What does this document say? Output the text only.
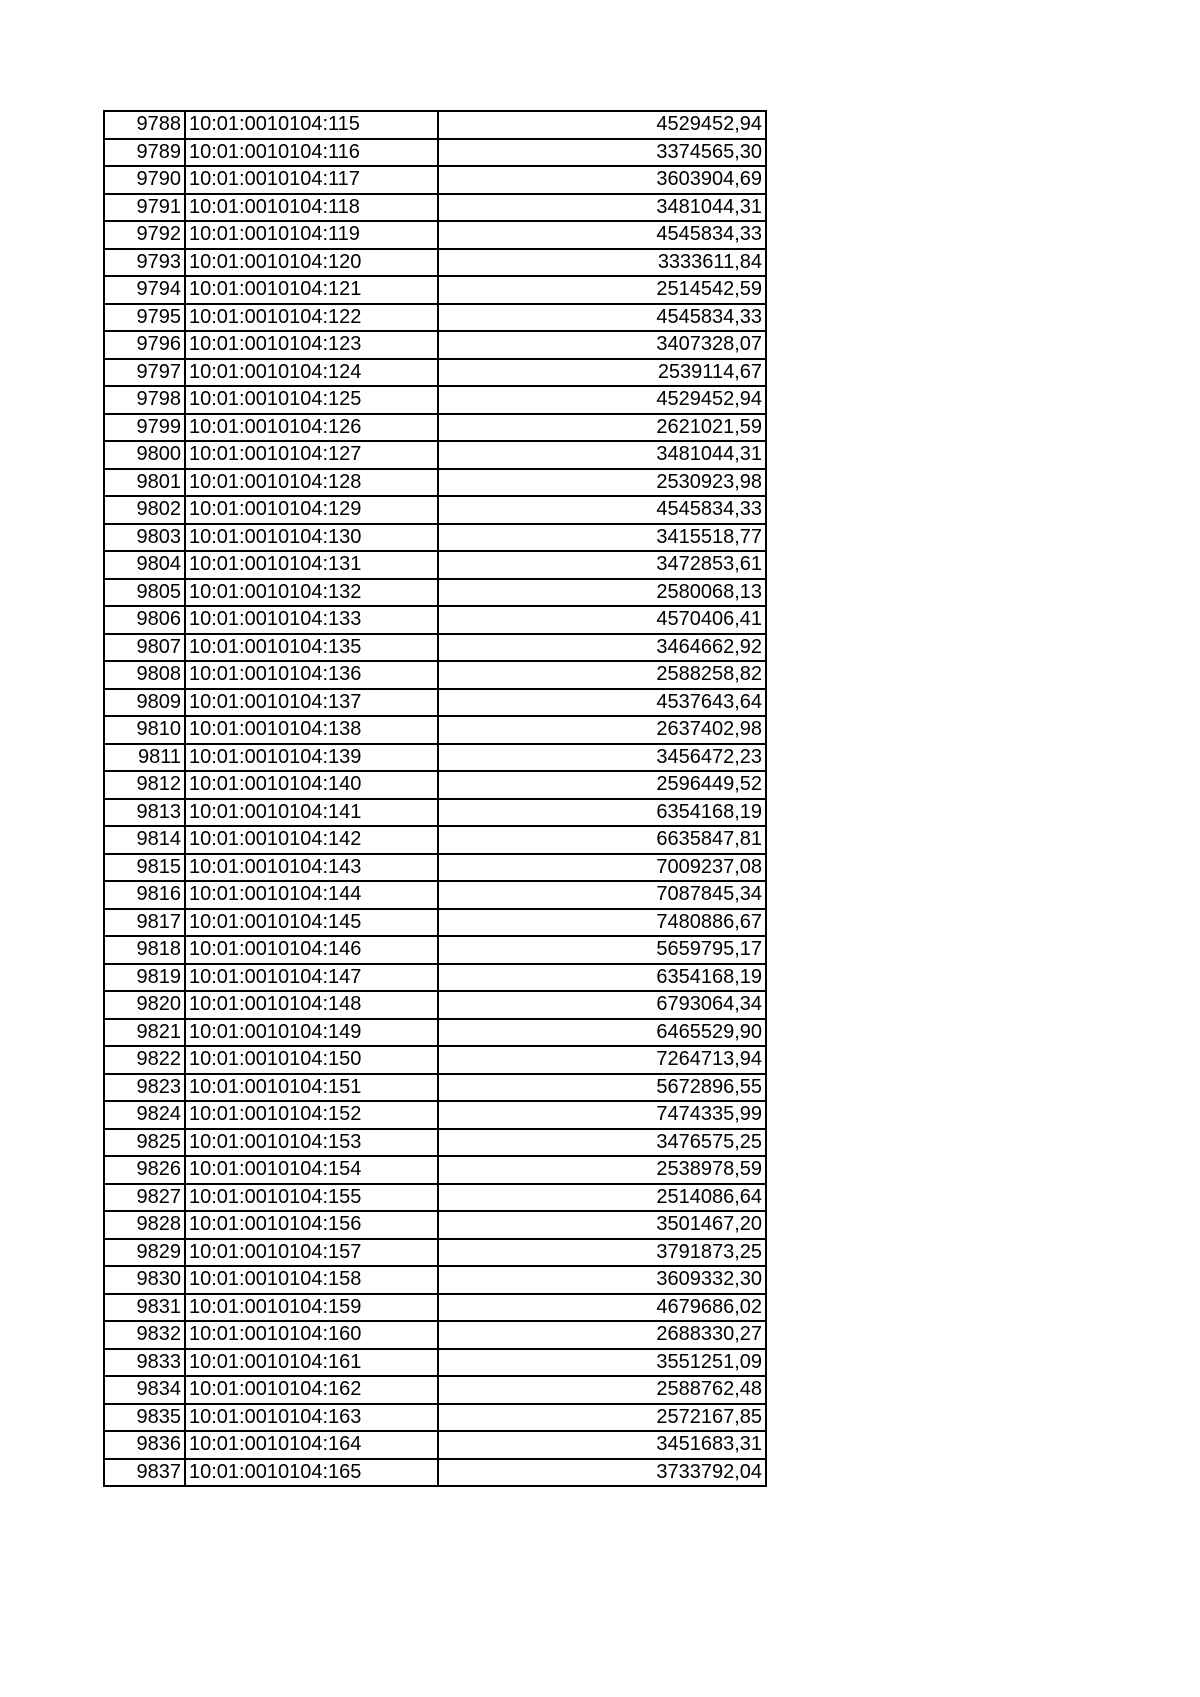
9788	10:01:0010104:115	4529452,94
9789	10:01:0010104:116	3374565,30
9790	10:01:0010104:117	3603904,69
9791	10:01:0010104:118	3481044,31
9792	10:01:0010104:119	4545834,33
9793	10:01:0010104:120	3333611,84
9794	10:01:0010104:121	2514542,59
9795	10:01:0010104:122	4545834,33
9796	10:01:0010104:123	3407328,07
9797	10:01:0010104:124	2539114,67
9798	10:01:0010104:125	4529452,94
9799	10:01:0010104:126	2621021,59
9800	10:01:0010104:127	3481044,31
9801	10:01:0010104:128	2530923,98
9802	10:01:0010104:129	4545834,33
9803	10:01:0010104:130	3415518,77
9804	10:01:0010104:131	3472853,61
9805	10:01:0010104:132	2580068,13
9806	10:01:0010104:133	4570406,41
9807	10:01:0010104:135	3464662,92
9808	10:01:0010104:136	2588258,82
9809	10:01:0010104:137	4537643,64
9810	10:01:0010104:138	2637402,98
9811	10:01:0010104:139	3456472,23
9812	10:01:0010104:140	2596449,52
9813	10:01:0010104:141	6354168,19
9814	10:01:0010104:142	6635847,81
9815	10:01:0010104:143	7009237,08
9816	10:01:0010104:144	7087845,34
9817	10:01:0010104:145	7480886,67
9818	10:01:0010104:146	5659795,17
9819	10:01:0010104:147	6354168,19
9820	10:01:0010104:148	6793064,34
9821	10:01:0010104:149	6465529,90
9822	10:01:0010104:150	7264713,94
9823	10:01:0010104:151	5672896,55
9824	10:01:0010104:152	7474335,99
9825	10:01:0010104:153	3476575,25
9826	10:01:0010104:154	2538978,59
9827	10:01:0010104:155	2514086,64
9828	10:01:0010104:156	3501467,20
9829	10:01:0010104:157	3791873,25
9830	10:01:0010104:158	3609332,30
9831	10:01:0010104:159	4679686,02
9832	10:01:0010104:160	2688330,27
9833	10:01:0010104:161	3551251,09
9834	10:01:0010104:162	2588762,48
9835	10:01:0010104:163	2572167,85
9836	10:01:0010104:164	3451683,31
9837	10:01:0010104:165	3733792,04
